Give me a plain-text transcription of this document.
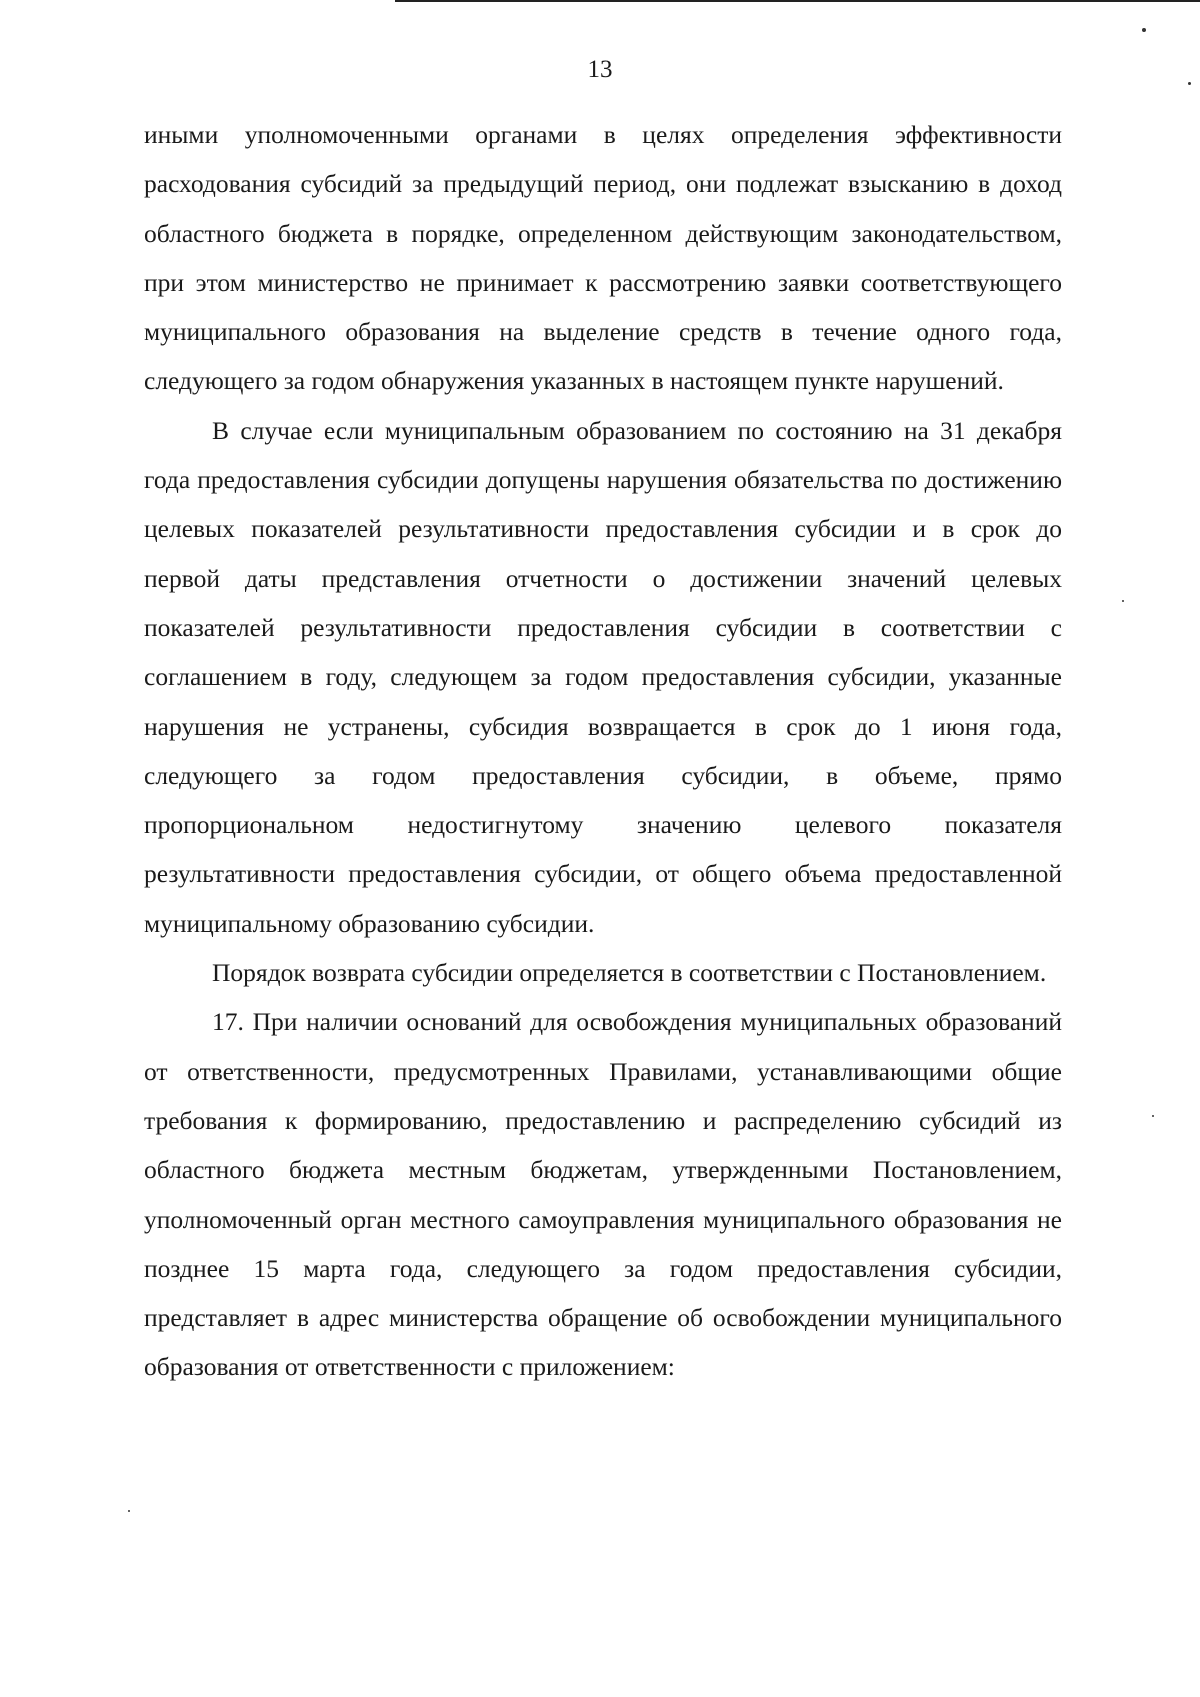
13

иными уполномоченными органами в целях определения эффективности расходования субсидий за предыдущий период, они подлежат взысканию в доход областного бюджета в порядке, определенном действующим законодательством, при этом министерство не принимает к рассмотрению заявки соответствующего муниципального образования на выделение средств в течение одного года, следующего за годом обнаружения указанных в настоящем пункте нарушений.

В случае если муниципальным образованием по состоянию на 31 декабря года предоставления субсидии допущены нарушения обязательства по достижению целевых показателей результативности предоставления субсидии и в срок до первой даты представления отчетности о достижении значений целевых показателей результативности предоставления субсидии в соответствии с соглашением в году, следующем за годом предоставления субсидии, указанные нарушения не устранены, субсидия возвращается в срок до 1 июня года, следующего за годом предоставления субсидии, в объеме, прямо пропорциональном недостигнутому значению целевого показателя результативности предоставления субсидии, от общего объема предоставленной муниципальному образованию субсидии.

Порядок возврата субсидии определяется в соответствии с Постановлением.

17. При наличии оснований для освобождения муниципальных образований от ответственности, предусмотренных Правилами, устанавливающими общие требования к формированию, предоставлению и распределению субсидий из областного бюджета местным бюджетам, утвержденными Постановлением, уполномоченный орган местного самоуправления муниципального образования не позднее 15 марта года, следующего за годом предоставления субсидии, представляет в адрес министерства обращение об освобождении муниципального образования от ответственности с приложением:
